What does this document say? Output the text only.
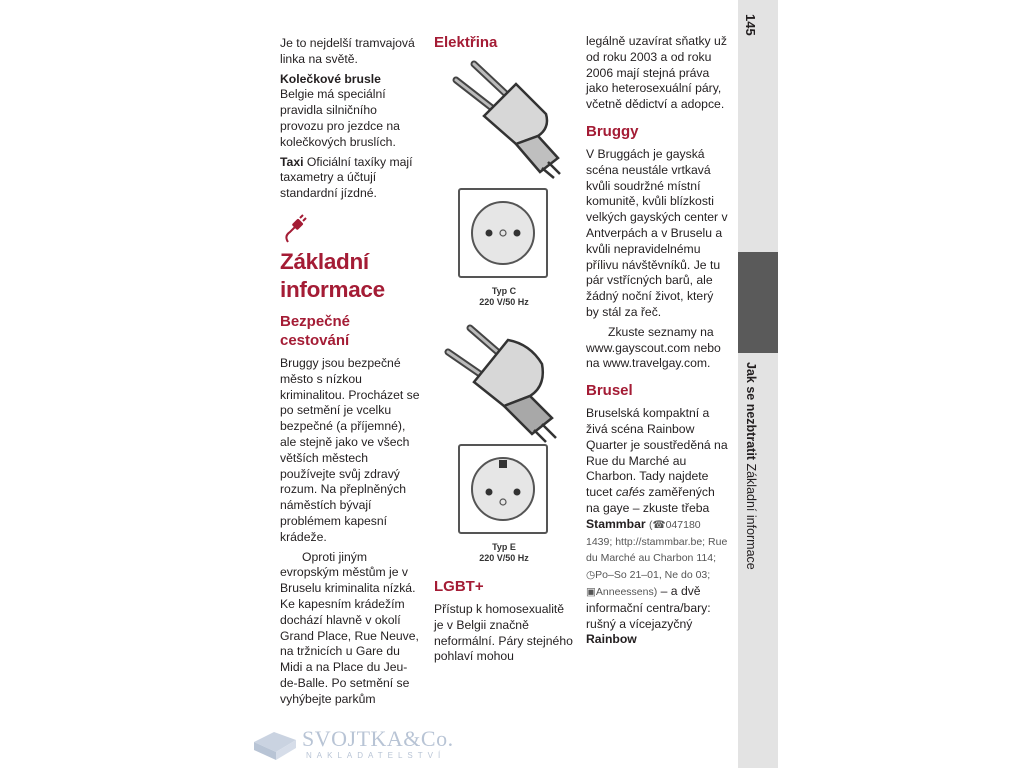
Je to nejdelší tramvajová linka na světě.

Kolečkové brusle
Belgie má speciální pravidla silničního provozu pro jezdce na kolečkových bruslích.

Taxi Oficiální taxíky mají taxametry a účtují standardní jízdné.

Základní
informace
Bezpečné cestování

Bruggy jsou bezpečné město s nízkou kriminalitou. Procházet se po setmění je vcelku bezpečné (a příjemné), ale stejně jako ve všech větších městech používejte svůj zdravý rozum. Na přeplněných náměstích bývají problémem kapesní krádeže.

Oproti jiným evropským městům je v Bruselu kriminalita nízká. Ke kapesním krádežím dochází hlavně v okolí Grand Place, Rue Neuve, na tržnicích u Gare du Midi a na Place du Jeu-de-Balle. Po setmění se vyhýbejte parkům

Elektřina
Typ C
220 V/50 Hz
Typ E
220 V/50 Hz
LGBT+

Přístup k homosexualitě je v Belgii značně neformální. Páry stejného pohlaví mohou

legálně uzavírat sňatky už od roku 2003 a od roku 2006 mají stejná práva jako heterosexuální páry, včetně dědictví a adopce.

Bruggy

V Bruggách je gayská scéna neustále vrtkavá kvůli soudržné místní komunitě, kvůli blízkosti velkých gayských center v Antverpách a v Bruselu a kvůli nepravidelnému přílivu návštěvníků. Je tu pár vstřícných barů, ale žádný noční život, který by stál za řeč.

Zkuste seznamy na www.gayscout.com nebo na www.travelgay.com.

Brusel

Bruselská kompaktní a živá scéna Rainbow Quarter je soustředěná na Rue du Marché au Charbon. Tady najdete tucet cafés zaměřených na gaye – zkuste třeba Stammbar (☎047180 1439; http://stammbar.be; Rue du Marché au Charbon 114; ◷Po–So 21–01, Ne do 03; ▣Anneessens) – a dvě informační centra/bary: rušný a vícejazyčný Rainbow

145
Jak se nezbtratit Základní informace
SVOJTKA&Co.
NAKLADATELSTVÍ
